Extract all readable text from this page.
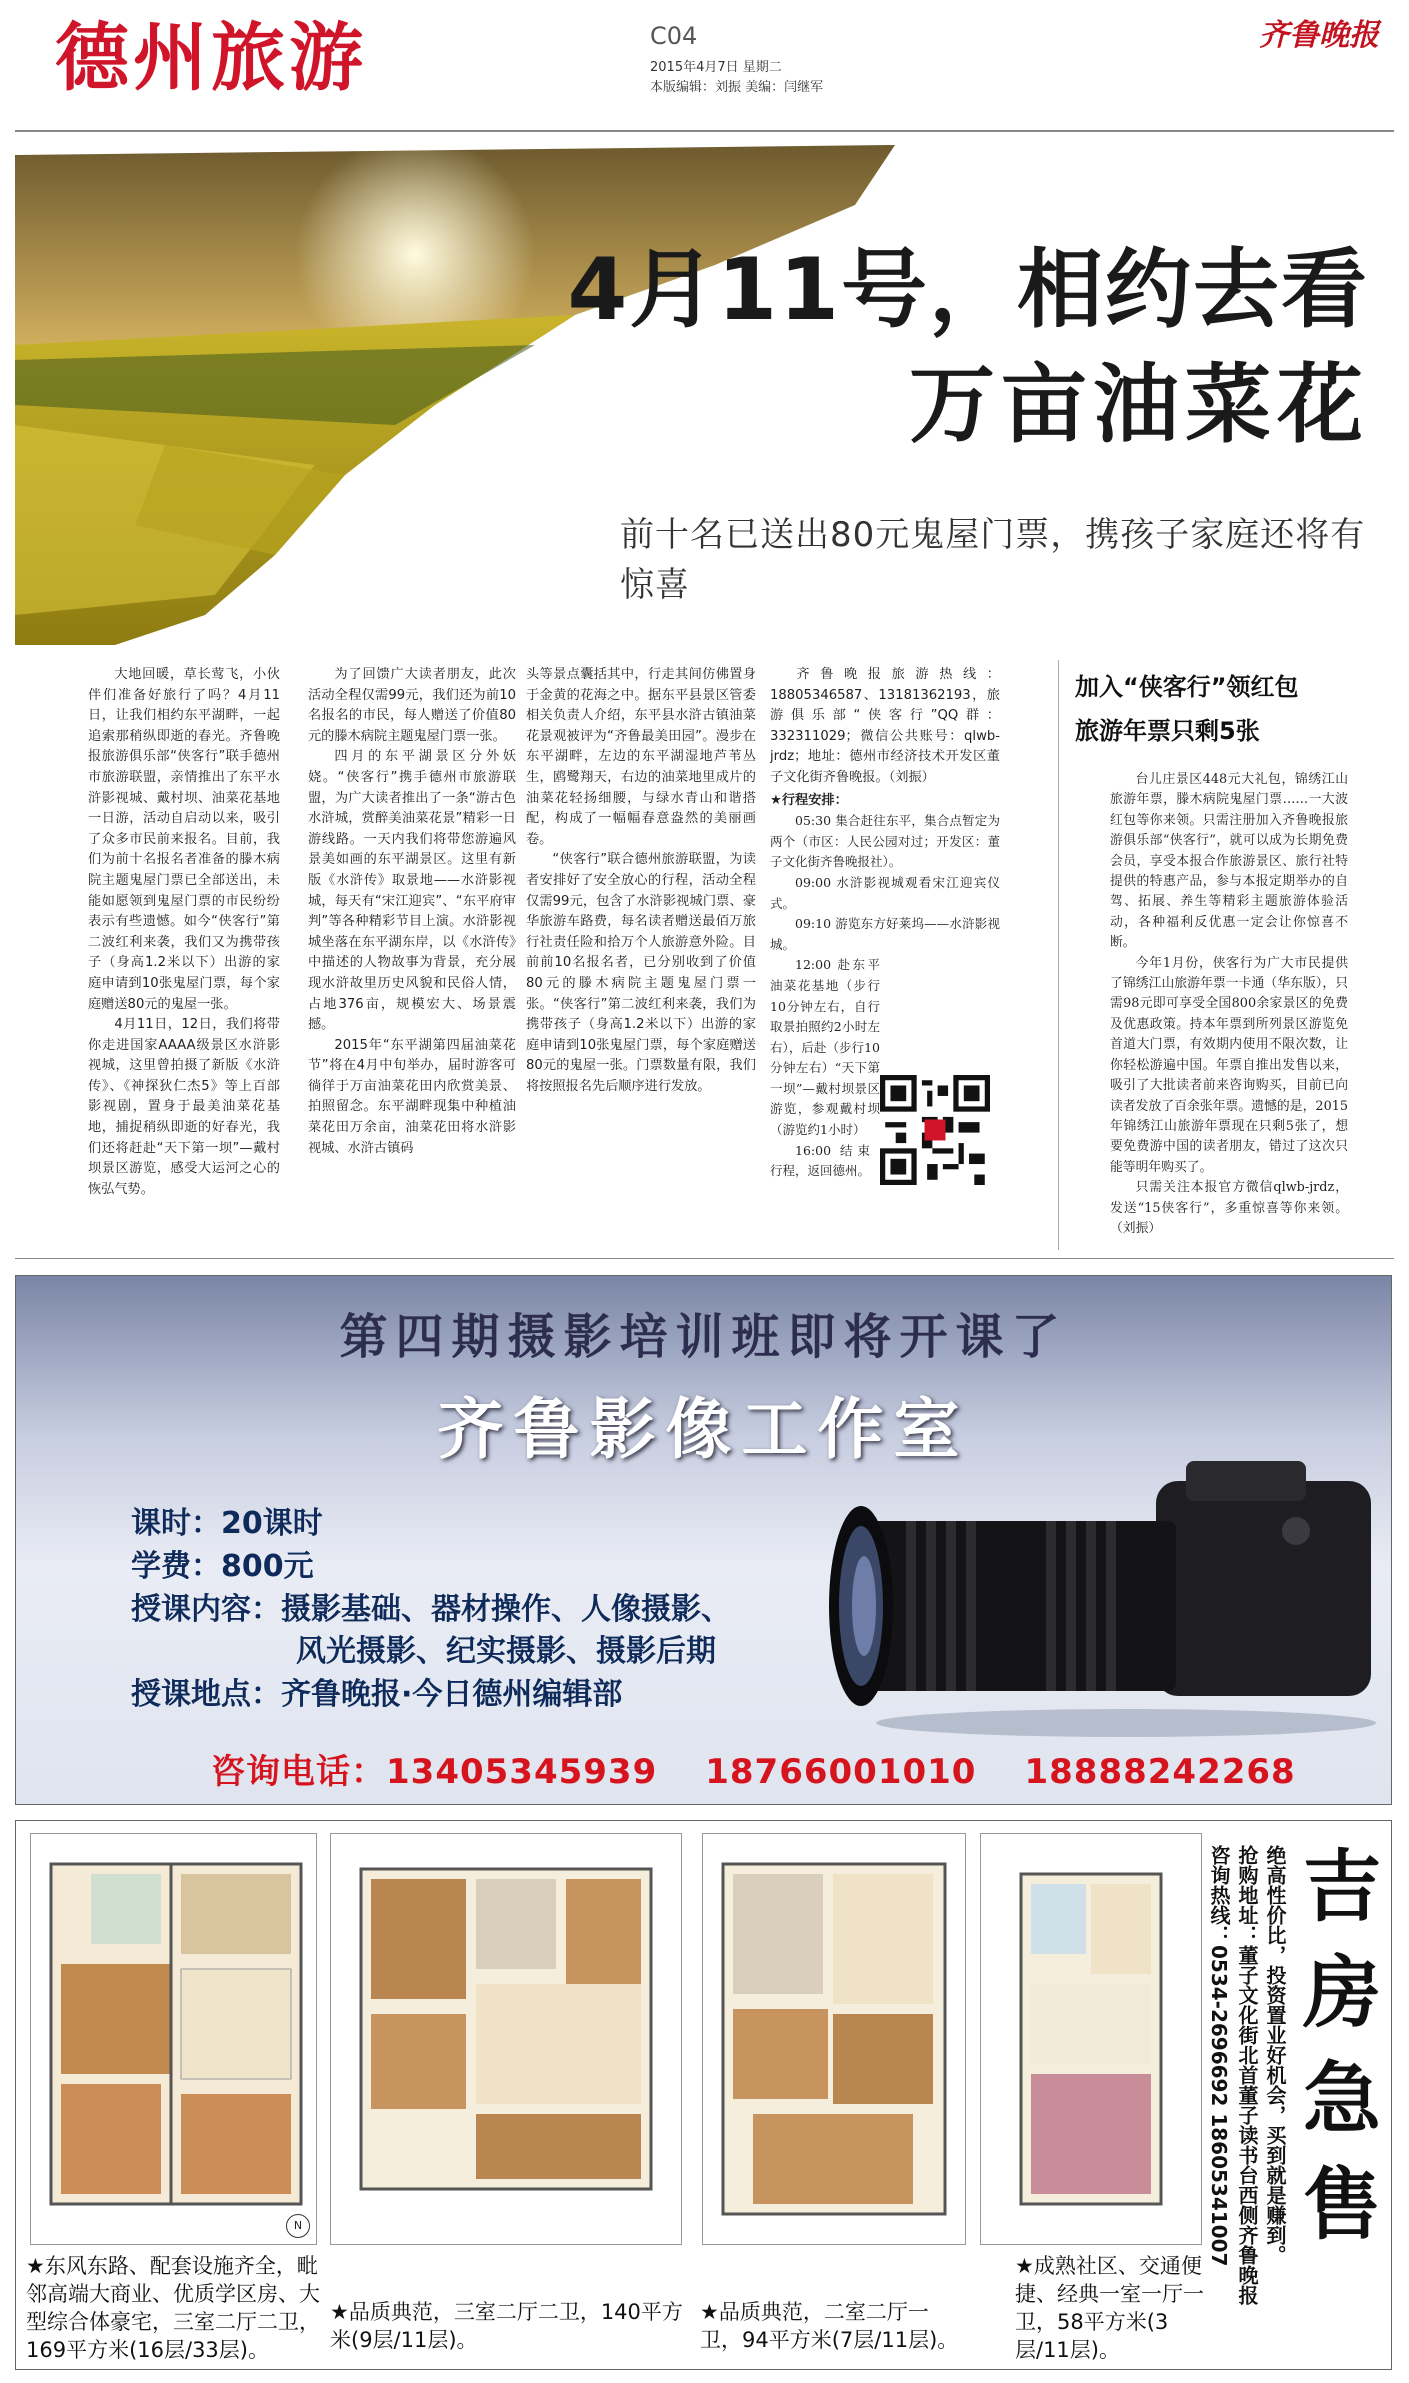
德州旅游	C04
2015年4月7日 星期二
本版编辑：刘振 美编：闫继军
齐鲁晚报
4月11号，相约去看
万亩油菜花
前十名已送出80元鬼屋门票，携孩子家庭还将有惊喜

大地回暖，草长莺飞，小伙伴们准备好旅行了吗？4月11日，让我们相约东平湖畔，一起追索那稍纵即逝的春光。齐鲁晚报旅游俱乐部“侠客行”联手德州市旅游联盟，亲情推出了东平水浒影视城、戴村坝、油菜花基地一日游，活动自启动以来，吸引了众多市民前来报名。目前，我们为前十名报名者准备的滕木病院主题鬼屋门票已全部送出，未能如愿领到鬼屋门票的市民纷纷表示有些遗憾。如今“侠客行”第二波红利来袭，我们又为携带孩子（身高1.2米以下）出游的家庭申请到10张鬼屋门票，每个家庭赠送80元的鬼屋一张。

4月11日，12日，我们将带你走进国家AAAA级景区水浒影视城，这里曾拍摄了新版《水浒传》、《神探狄仁杰5》等上百部影视剧，置身于最美油菜花基地，捕捉稍纵即逝的好春光，我们还将赶赴“天下第一坝”—戴村坝景区游览，感受大运河之心的恢弘气势。

为了回馈广大读者朋友，此次活动全程仅需99元，我们还为前10名报名的市民，每人赠送了价值80元的滕木病院主题鬼屋门票一张。

四月的东平湖景区分外妖娆。“侠客行”携手德州市旅游联盟，为广大读者推出了一条“游古色水浒城，赏醉美油菜花景”精彩一日游线路。一天内我们将带您游遍风景美如画的东平湖景区。这里有新版《水浒传》取景地——水浒影视城，每天有“宋江迎宾”、“东平府审判”等各种精彩节目上演。水浒影视城坐落在东平湖东岸，以《水浒传》中描述的人物故事为背景，充分展现水浒故里历史风貌和民俗人情，占地376亩，规模宏大、场景震撼。

2015年“东平湖第四届油菜花节”将在4月中旬举办，届时游客可徜徉于万亩油菜花田内欣赏美景、拍照留念。东平湖畔现集中种植油菜花田万余亩，油菜花田将水浒影视城、水浒古镇码

头等景点囊括其中，行走其间仿佛置身于金黄的花海之中。据东平县景区管委相关负责人介绍，东平县水浒古镇油菜花景观被评为“齐鲁最美田园”。漫步在东平湖畔，左边的东平湖湿地芦苇丛生，鸥鹭翔天，右边的油菜地里成片的油菜花轻扬细腰，与绿水青山和谐搭配，构成了一幅幅春意盎然的美丽画卷。

“侠客行”联合德州旅游联盟，为读者安排好了安全放心的行程，活动全程仅需99元，包含了水浒影视城门票、豪华旅游车路费，每名读者赠送最佰万旅行社责任险和拾万个人旅游意外险。目前前10名报名者，已分别收到了价值80元的滕木病院主题鬼屋门票一张。“侠客行”第二波红利来袭，我们为携带孩子（身高1.2米以下）出游的家庭申请到10张鬼屋门票，每个家庭赠送80元的鬼屋一张。门票数量有限，我们将按照报名先后顺序进行发放。

齐鲁晚报旅游热线：18805346587、13181362193，旅游俱乐部“侠客行”QQ群：332311029；微信公共账号：qlwb-jrdz；地址：德州市经济技术开发区董子文化街齐鲁晚报。（刘振）

★行程安排：

05:30 集合赶往东平，集合点暂定为两个（市区：人民公园对过；开发区：董子文化街齐鲁晚报社）。

09:00 水浒影视城观看宋江迎宾仪式。

09:10 游览东方好莱坞——水浒影视城。

12:00 赴东平油菜花基地（步行10分钟左右，自行取景拍照约2小时左右），后赴（步行10分钟左右）“天下第一坝”—戴村坝景区游览，参观戴村坝（游览约1小时）

16:00 结束行程，返回德州。

加入“侠客行”领红包
旅游年票只剩5张

台儿庄景区448元大礼包，锦绣江山旅游年票，滕木病院鬼屋门票……一大波红包等你来领。只需注册加入齐鲁晚报旅游俱乐部“侠客行”，就可以成为长期免费会员，享受本报合作旅游景区、旅行社特提供的特惠产品，参与本报定期举办的自驾、拓展、养生等精彩主题旅游体验活动，各种福利反优惠一定会让你惊喜不断。

今年1月份，侠客行为广大市民提供了锦绣江山旅游年票一卡通（华东版），只需98元即可享受全国800余家景区的免费及优惠政策。持本年票到所列景区游览免首道大门票，有效期内使用不限次数，让你轻松游遍中国。年票自推出发售以来，吸引了大批读者前来咨询购买，目前已向读者发放了百余张年票。遗憾的是，2015年锦绣江山旅游年票现在只剩5张了，想要免费游中国的读者朋友，错过了这次只能等明年购买了。

只需关注本报官方微信qlwb-jrdz，发送“15侠客行”，多重惊喜等你来领。（刘振）

第四期摄影培训班即将开课了
齐鲁影像工作室
课时：20课时
学费：800元
授课内容：摄影基础、器材操作、人像摄影、
风光摄影、纪实摄影、摄影后期
授课地点：齐鲁晚报·今日德州编辑部
咨询电话：13405345939 18766001010 18888242268
N
★东风东路、配套设施齐全，毗邻高端大商业、优质学区房、大型综合体豪宅，三室二厅二卫，169平方米(16层/33层)。
★品质典范，三室二厅二卫，140平方米(9层/11层)。
★品质典范，二室二厅一卫，94平方米(7层/11层)。
★成熟社区、交通便捷、经典一室一厅一卫，58平方米(3层/11层)。
绝高性价比，投资置业好机会，买到就是赚到。
抢购地址：董子文化街北首董子读书台西侧齐鲁晚报
咨询热线：0534-2696692 18605341007 吉房急售
